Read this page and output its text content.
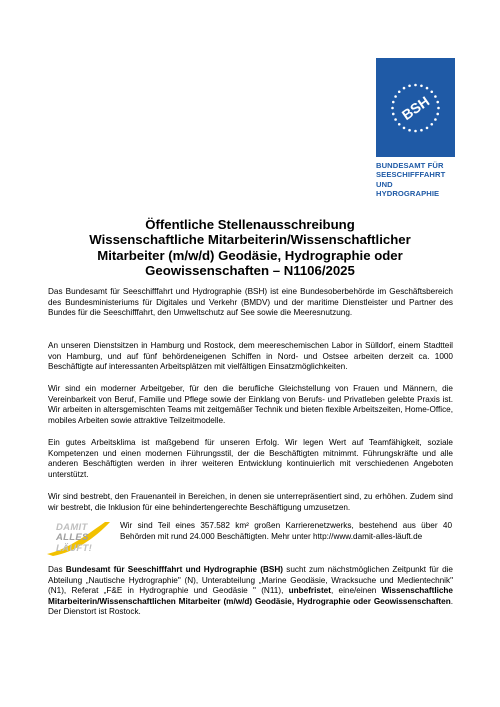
BSH
BUNDESAMT FÜR
SEESCHIFFFAHRT
UND
HYDROGRAPHIE
Öffentliche Stellenausschreibung
Wissenschaftliche Mitarbeiterin/Wissenschaftlicher
Mitarbeiter (m/w/d) Geodäsie, Hydrographie oder
Geowissenschaften – N1106/2025
Das Bundesamt für Seeschifffahrt und Hydrographie (BSH) ist eine Bundesoberbehörde im Geschäftsbereich des Bundesministeriums für Digitales und Verkehr (BMDV) und der maritime Dienstleister und Partner des Bundes für die Seeschifffahrt, den Umweltschutz auf See sowie die Meeresnutzung.
An unseren Dienstsitzen in Hamburg und Rostock, dem meereschemischen Labor in Sülldorf, einem Stadtteil von Hamburg, und auf fünf behördeneigenen Schiffen in Nord- und Ostsee arbeiten derzeit ca. 1000 Beschäftigte auf interessanten Arbeitsplätzen mit vielfältigen Einsatzmöglichkeiten.
Wir sind ein moderner Arbeitgeber, für den die berufliche Gleichstellung von Frauen und Männern, die Vereinbarkeit von Beruf, Familie und Pflege sowie der Einklang von Berufs- und Privatleben gelebte Praxis ist. Wir arbeiten in altersgemischten Teams mit zeitgemäßer Technik und bieten flexible Arbeitszeiten, Home-Office, mobiles Arbeiten sowie attraktive Teilzeitmodelle.
Ein gutes Arbeitsklima ist maßgebend für unseren Erfolg. Wir legen Wert auf Teamfähigkeit, soziale Kompetenzen und einen modernen Führungsstil, der die Beschäftigten mitnimmt. Führungskräfte und alle anderen Beschäftigten werden in ihrer weiteren Entwicklung kontinuierlich mit verschiedenen Angeboten unterstützt.
Wir sind bestrebt, den Frauenanteil in Bereichen, in denen sie unterrepräsentiert sind, zu erhöhen. Zudem sind wir bestrebt, die Inklusion für eine behindertengerechte Beschäftigung umzusetzen.
DAMIT
ALLES
LÄUFT!
Wir sind Teil eines 357.582 km² großen Karrierenetzwerks, bestehend aus über 40 Behörden mit rund 24.000 Beschäftigten. Mehr unter http://www.damit-alles-läuft.de
Das Bundesamt für Seeschifffahrt und Hydrographie (BSH) sucht zum nächstmöglichen Zeitpunkt für die Abteilung „Nautische Hydrographie" (N), Unterabteilung „Marine Geodäsie, Wracksuche und Medientechnik" (N1), Referat „F&E in Hydrographie und Geodäsie " (N11), unbefristet, eine/einen Wissenschaftliche Mitarbeiterin/Wissenschaftlichen Mitarbeiter (m/w/d) Geodäsie, Hydrographie oder Geowissenschaften. Der Dienstort ist Rostock.
